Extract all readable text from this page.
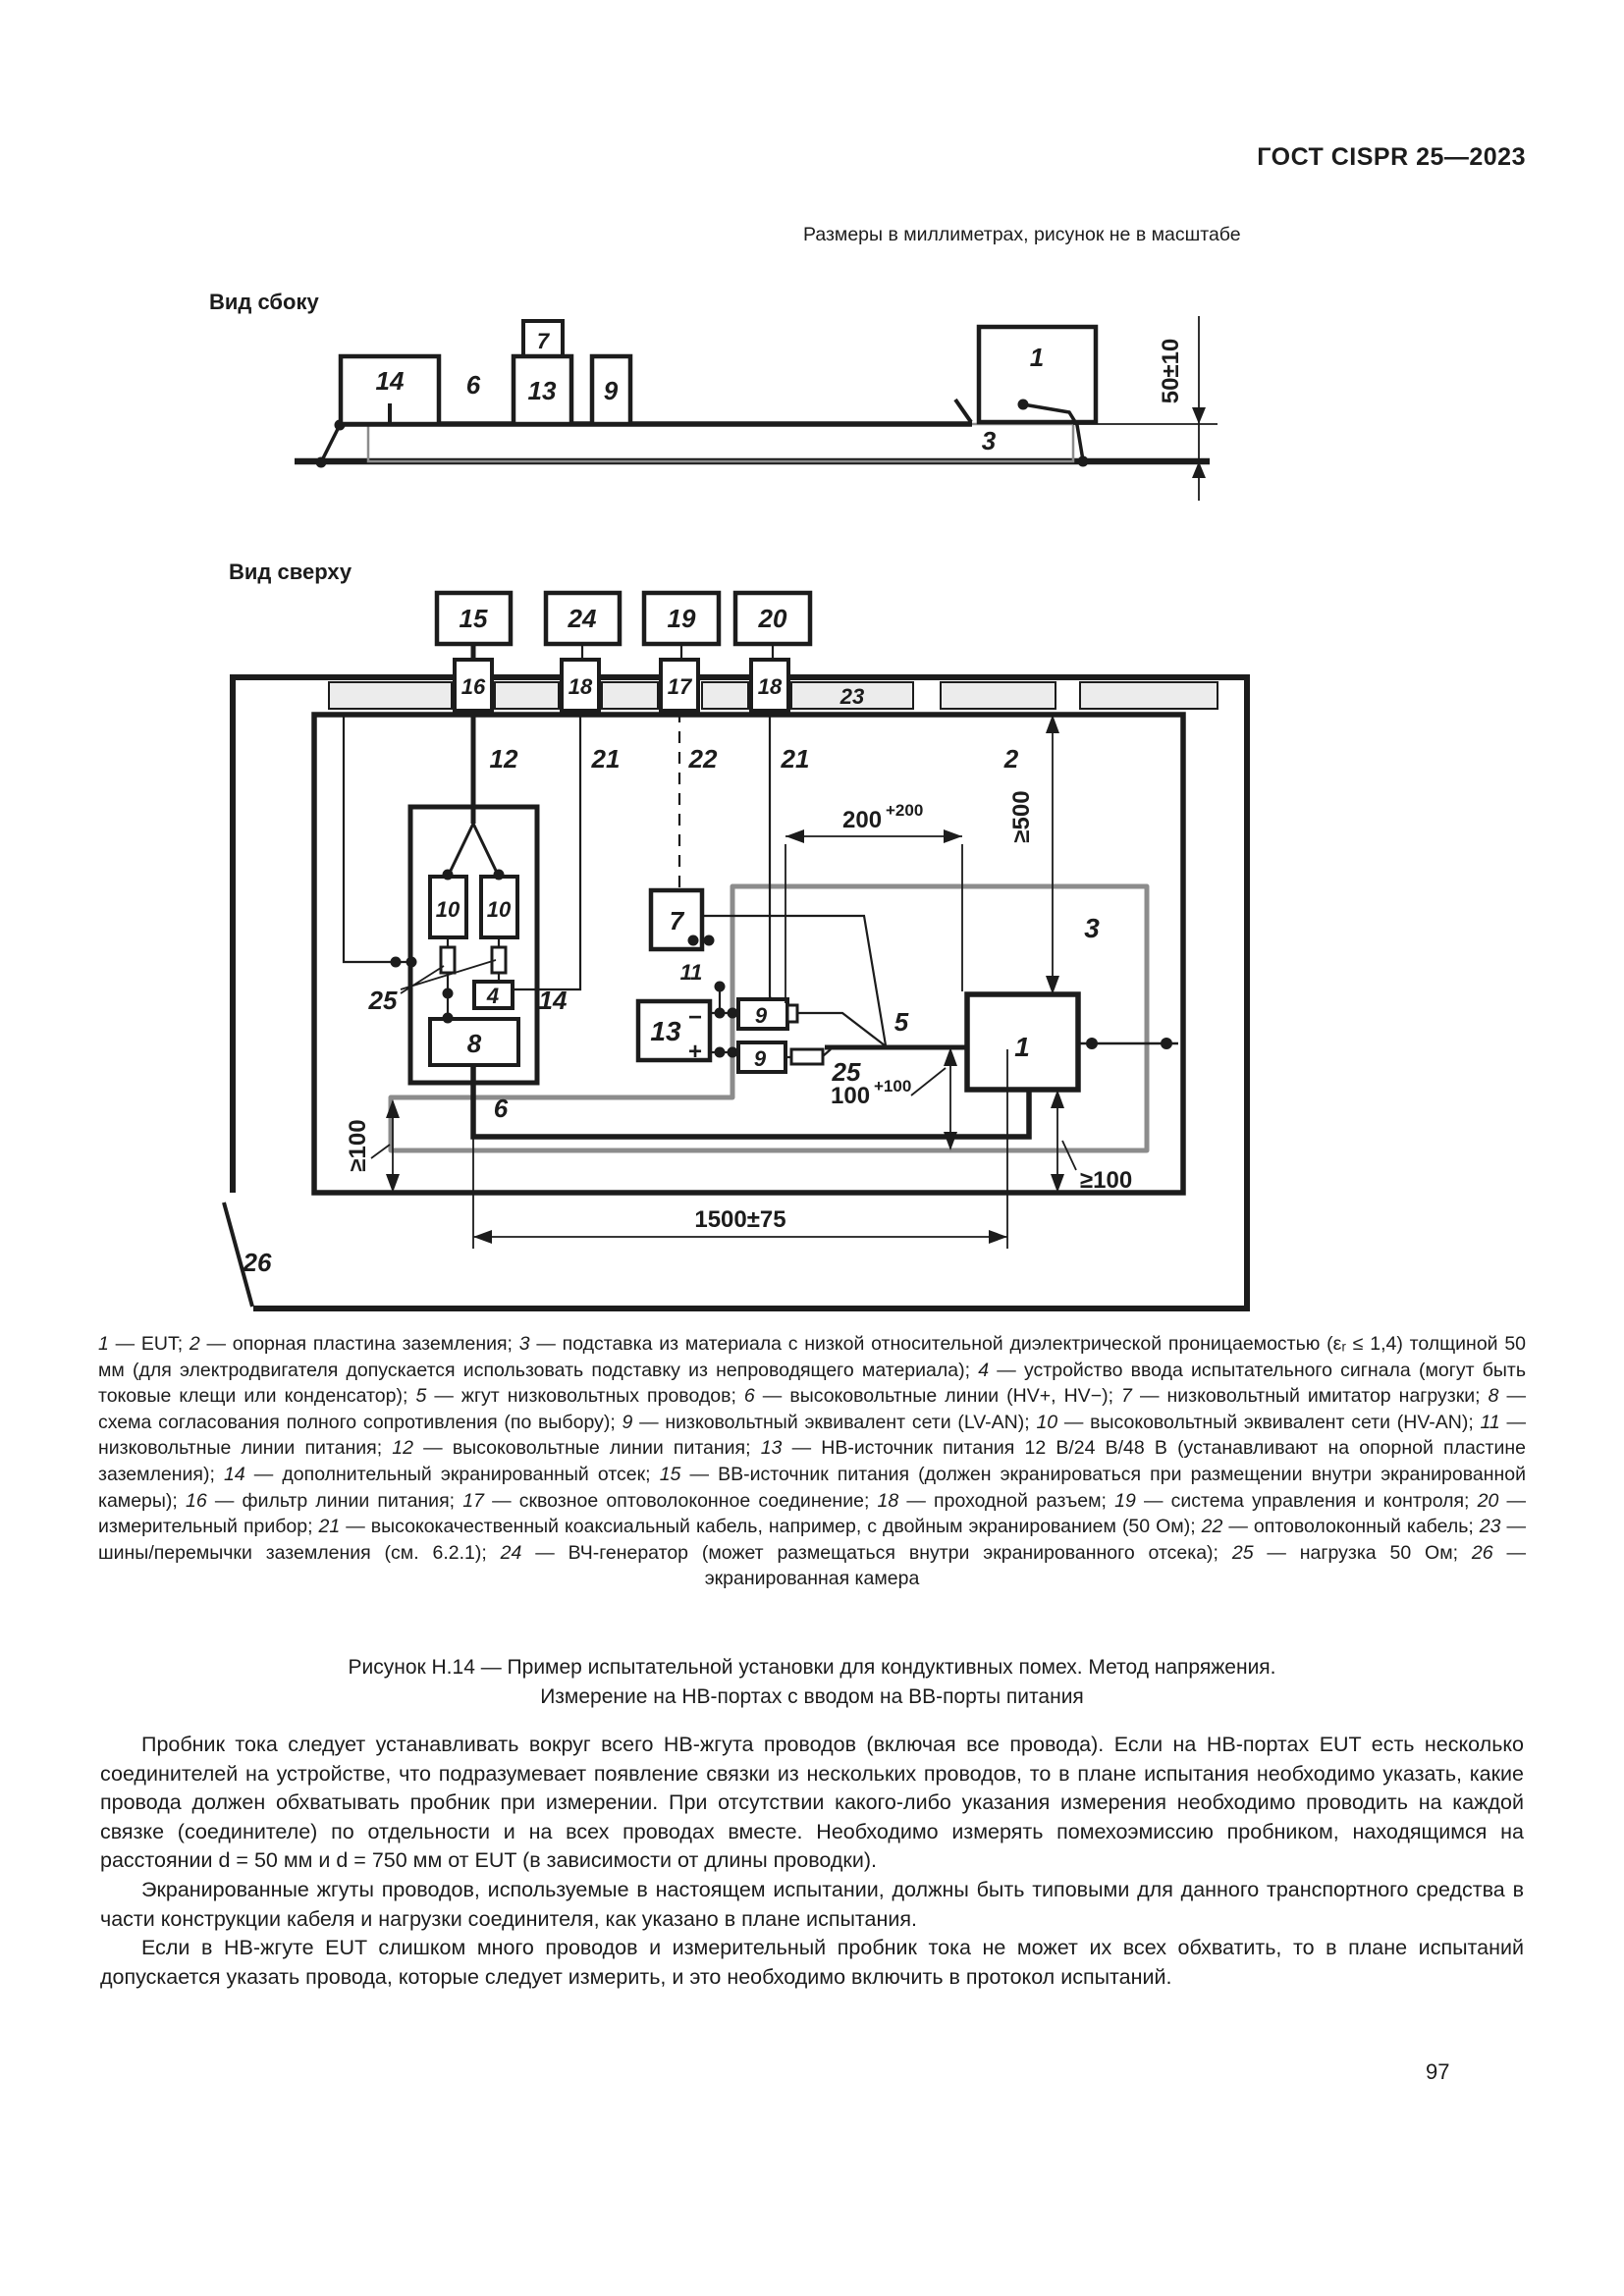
ГОСТ CISPR 25—2023
Размеры в миллиметрах, рисунок не в масштабе
Вид сбоку
14 6
7
13 9
1
3
50±10
Вид сверху
26
23
2
3
14
15	24	19 20
16	18	17	18
10 10
25	4
8
7
13 −
+
11
9
9	25
1
12	21	22	21
5
6
200 +200	≥500
100 +100
≥100
≥100
1500±75
1 — EUT; 2 — опорная пластина заземления; 3 — подставка из материала с низкой относительной диэлектрической проницаемостью (εᵣ ≤ 1,4) толщиной 50 мм (для электродвигателя допускается использовать подставку из непроводящего материала); 4 — устройство ввода испытательного сигнала (могут быть токовые клещи или конденсатор); 5 — жгут низковольтных проводов; 6 — высоковольтные линии (HV+, HV−); 7 — низковольтный имитатор нагрузки; 8 — схема согласования полного сопротивления (по выбору); 9 — низковольтный эквивалент сети (LV-AN); 10 — высоковольтный эквивалент сети (HV-AN); 11 — низковольтные линии питания; 12 — высоковольтные линии питания; 13 — НВ-источник питания 12 В/24 В/48 В (устанавливают на опорной пластине заземления); 14 — дополнительный экранированный отсек; 15 — ВВ-источник питания (должен экранироваться при размещении внутри экранированной камеры); 16 — фильтр линии питания; 17 — сквозное оптоволоконное соединение; 18 — проходной разъем; 19 — система управления и контроля; 20 — измерительный прибор; 21 — высококачественный коаксиальный кабель, например, с двойным экранированием (50 Ом); 22 — оптоволоконный кабель; 23 — шины/перемычки заземления (см. 6.2.1); 24 — ВЧ-генератор (может размещаться внутри экранированного отсека); 25 — нагрузка 50 Ом; 26 — экранированная камера
Рисунок Н.14 — Пример испытательной установки для кондуктивных помех. Метод напряжения.
Измерение на НВ-портах с вводом на ВВ-порты питания

Пробник тока следует устанавливать вокруг всего НВ-жгута проводов (включая все провода). Если на НВ-портах EUT есть несколько соединителей на устройстве, что подразумевает появление связки из нескольких проводов, то в плане испытания необходимо указать, какие провода должен обхватывать пробник при измерении. При отсутствии какого-либо указания измерения необходимо проводить на каждой связке (соединителе) по отдельности и на всех проводах вместе. Необходимо измерять помехоэмиссию пробником, находящимся на расстоянии d = 50 мм и d = 750 мм от EUT (в зависимости от длины проводки).

Экранированные жгуты проводов, используемые в настоящем испытании, должны быть типовыми для данного транспортного средства в части конструкции кабеля и нагрузки соединителя, как указано в плане испытания.

Если в НВ-жгуте EUT слишком много проводов и измерительный пробник тока не может их всех обхватить, то в плане испытаний допускается указать провода, которые следует измерить, и это необходимо включить в протокол испытаний.

97
